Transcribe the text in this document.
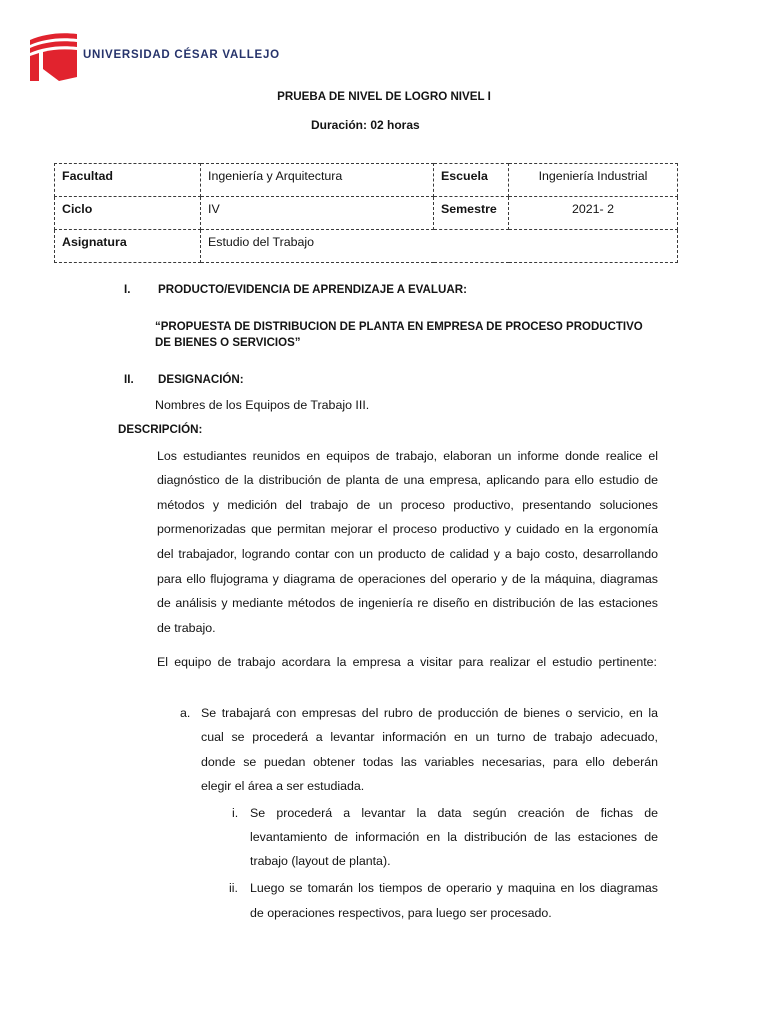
UNIVERSIDAD CÉSAR VALLEJO
PRUEBA DE NIVEL DE LOGRO NIVEL I
Duración: 02 horas
Facultad	Ingeniería y Arquitectura	Escuela	Ingeniería Industrial
Ciclo	IV	Semestre	2021- 2
Asignatura	Estudio del Trabajo		
I. PRODUCTO/EVIDENCIA DE APRENDIZAJE A EVALUAR:
“PROPUESTA DE DISTRIBUCION DE PLANTA EN EMPRESA DE PROCESO PRODUCTIVO
DE BIENES O SERVICIOS”
II. DESIGNACIÓN:
Nombres de los Equipos de Trabajo III.
DESCRIPCIÓN:
Los estudiantes reunidos en equipos de trabajo, elaboran un informe donde realice el
diagnóstico de la distribución de planta de una empresa, aplicando para ello estudio de
métodos y medición del trabajo de un proceso productivo, presentando soluciones
pormenorizadas que permitan mejorar el proceso productivo y cuidado en la ergonomía
del trabajador, logrando contar con un producto de calidad y a bajo costo, desarrollando
para ello flujograma y diagrama de operaciones del operario y de la máquina, diagramas
de análisis y mediante métodos de ingeniería re diseño en distribución de las estaciones
de trabajo.
El equipo de trabajo acordara la empresa a visitar para realizar el estudio pertinente:
a. Se trabajará con empresas del rubro de producción de bienes o servicio, en la
cual se procederá a levantar información en un turno de trabajo adecuado,
donde se puedan obtener todas las variables necesarias, para ello deberán
elegir el área a ser estudiada.
i. Se procederá a levantar la data según creación de fichas de
levantamiento de información en la distribución de las estaciones de
trabajo (layout de planta).
ii. Luego se tomarán los tiempos de operario y maquina en los diagramas
de operaciones respectivos, para luego ser procesado.
